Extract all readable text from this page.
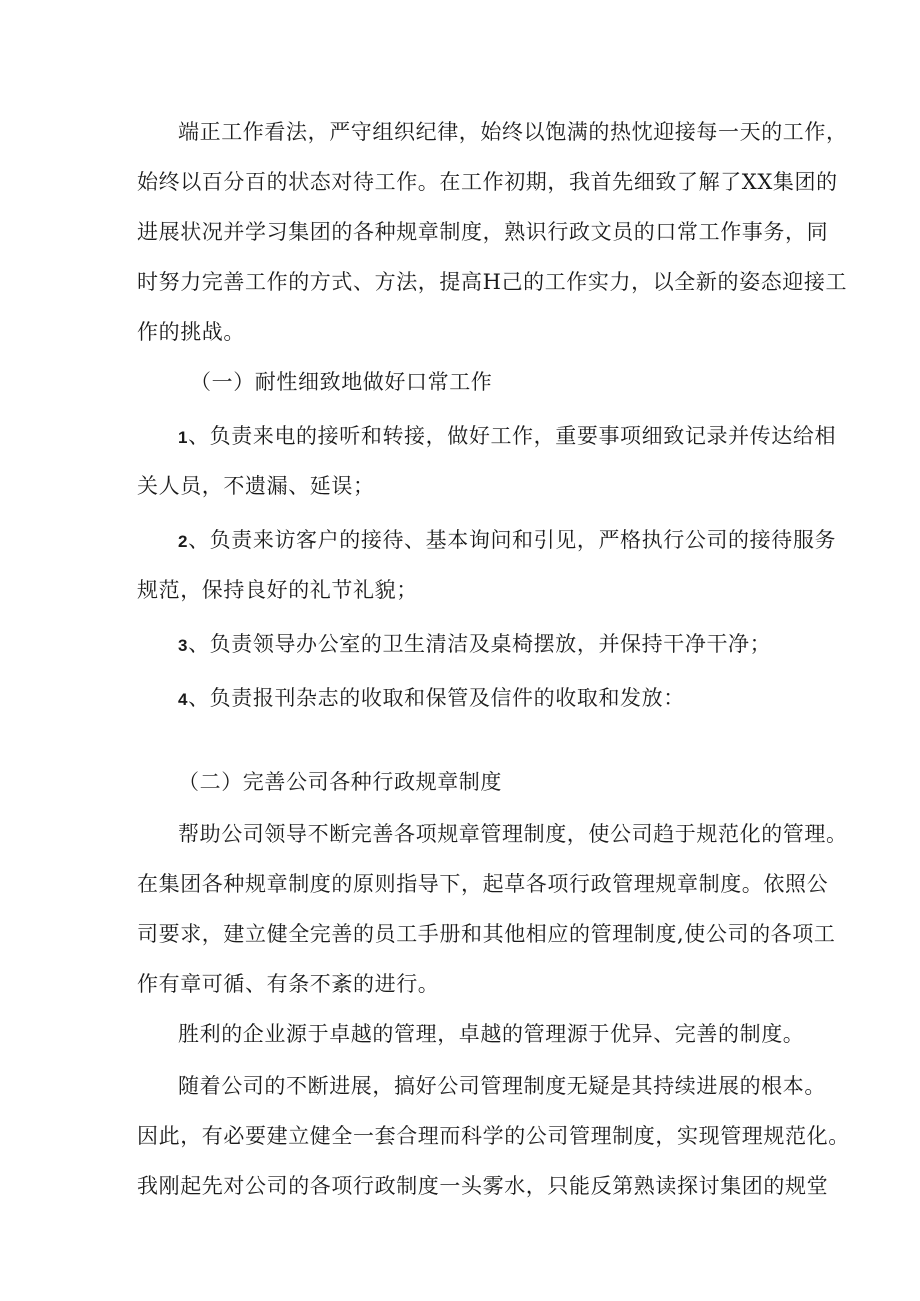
端正工作看法，严守组织纪律，始终以饱满的热忱迎接每一天的工作，
始终以百分百的状态对待工作。在工作初期，我首先细致了解了XX集团的
进展状况并学习集团的各种规章制度，熟识行政文员的口常工作事务，同
时努力完善工作的方式、方法，提高H己的工作实力，以全新的姿态迎接工
作的挑战。
（一）耐性细致地做好口常工作
1、负责来电的接听和转接，做好工作，重要事项细致记录并传达给相
关人员，不遗漏、延误；
2、负责来访客户的接待、基本询问和引见，严格执行公司的接待服务
规范，保持良好的礼节礼貌；
3、负责领导办公室的卫生清洁及桌椅摆放，并保持干净干净；
4、负责报刊杂志的收取和保管及信件的收取和发放：
（二）完善公司各种行政规章制度
帮助公司领导不断完善各项规章管理制度，使公司趋于规范化的管理。
在集团各种规章制度的原则指导下，起草各项行政管理规章制度。依照公
司要求，建立健全完善的员工手册和其他相应的管理制度,使公司的各项工
作有章可循、有条不紊的进行。
胜利的企业源于卓越的管理，卓越的管理源于优异、完善的制度。
随着公司的不断进展，搞好公司管理制度无疑是其持续进展的根本。
因此，有必要建立健全一套合理而科学的公司管理制度，实现管理规范化。
我刚起先对公司的各项行政制度一头雾水，只能反第熟读探讨集团的规堂
